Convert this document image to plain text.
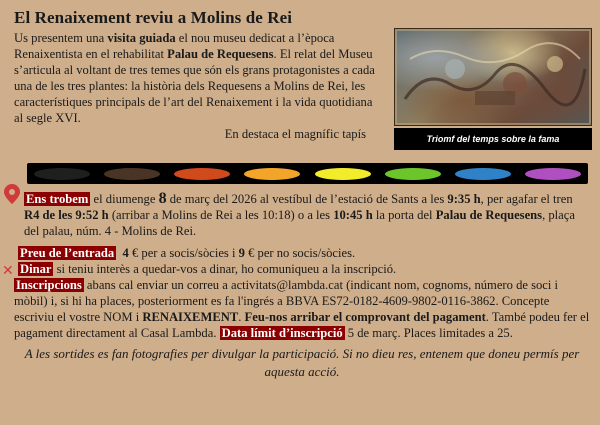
El Renaixement reviu a Molins de Rei
Us presentem una visita guiada el nou museu dedicat a l’època Renaixentista en el rehabilitat Palau de Requesens. El relat del Museu s’articula al voltant de tres temes que són els grans protagonistes a cada una de les tres plantes: la història dels Requesens a Molins de Rei, les característiques principals de l’art del Renaixement i la vida quotidiana al segle XVI.
En destaca el magnífic tapís	Triomf del temps sobre la fama
✕

Ens trobem el diumenge 8 de març del 2026 al vestíbul de l’estació de Sants a les 9:35 h, per agafar el tren R4 de les 9:52 h (arribar a Molins de Rei a les 10:18) o a les 10:45 h la porta del Palau de Requesens, plaça del palau, núm. 4 - Molins de Rei.

Preu de l’entrada 4 € per a socis/sòcies i 9 € per no socis/sòcies.

Dinar si teniu interès a quedar-vos a dinar, ho comuniqueu a la inscripció.

Inscripcions abans cal enviar un correu a activitats@lambda.cat (indicant nom, cognoms, número de soci i mòbil) i, si hi ha places, posteriorment es fa l'ingrés a BBVA ES72-0182-4609-9802-0116-3862. Concepte escriviu el vostre NOM i RENAIXEMENT. Feu-nos arribar el comprovant del pagament. També podeu fer el pagament directament al Casal Lambda. Data límit d’inscripció 5 de març. Places limitades a 25.

A les sortides es fan fotografies per divulgar la participació. Si no dieu res, entenem que doneu permís per aquesta acció.
